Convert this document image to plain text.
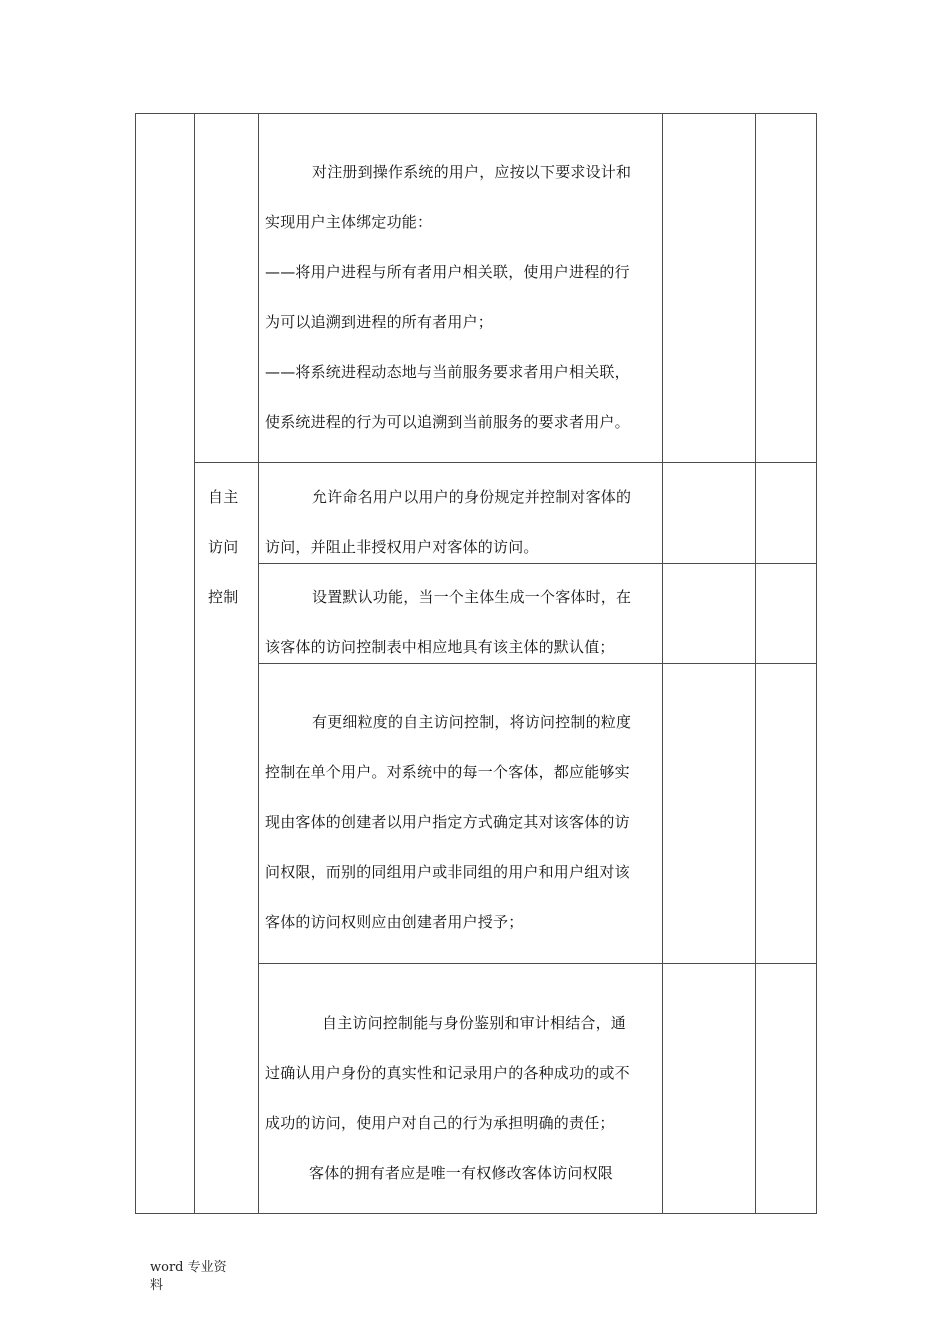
对注册到操作系统的用户，应按以下要求设计和
实现用户主体绑定功能：
——将用户进程与所有者用户相关联，使用户进程的行
为可以追溯到进程的所有者用户；
——将系统进程动态地与当前服务要求者用户相关联，
使系统进程的行为可以追溯到当前服务的要求者用户。
自主
访问
控制
允许命名用户以用户的身份规定并控制对客体的
访问，并阻止非授权用户对客体的访问。
设置默认功能，当一个主体生成一个客体时，在
该客体的访问控制表中相应地具有该主体的默认值；
有更细粒度的自主访问控制，将访问控制的粒度
控制在单个用户。对系统中的每一个客体，都应能够实
现由客体的创建者以用户指定方式确定其对该客体的访
问权限，而别的同组用户或非同组的用户和用户组对该
客体的访问权则应由创建者用户授予；
自主访问控制能与身份鉴别和审计相结合，通
过确认用户身份的真实性和记录用户的各种成功的或不
成功的访问，使用户对自己的行为承担明确的责任；
客体的拥有者应是唯一有权修改客体访问权限
word 专业资
料
